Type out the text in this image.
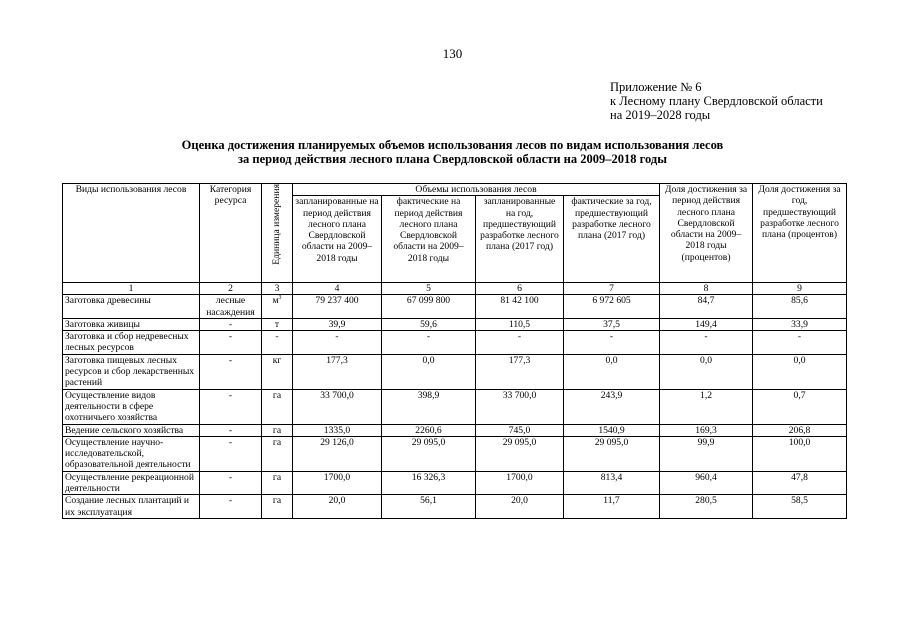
130
Приложение № 6
к Лесному плану Свердловской области
на 2019–2028 годы
Оценка достижения планируемых объемов использования лесов по видам использования лесов
за период действия лесного плана Свердловской области на 2009–2018 годы
Виды использования лесов	Категория ресурса	Единица измерения	Объемы использования лесов				Доля достижения за период действия лесного плана Свердловской области на 2009–2018 годы (процентов)	Доля достижения за год, предшествующий разработке лесного плана (процентов)
			запланированные на период действия лесного плана Свердловской области на 2009–2018 годы	фактические на период действия лесного плана Свердловской области на 2009–2018 годы	запланированные на год, предшествующий разработке лесного плана (2017 год)	фактические за год, предшествующий разработке лесного плана (2017 год)		
1	2	3	4	5	6	7	8	9
Заготовка древесины	лесные насаждения	$м^3$	79 237 400	67 099 800	81 42 100	6 972 605	84,7	85,6
Заготовка живицы	-	т	39,9	59,6	110,5	37,5	149,4	33,9
Заготовка и сбор недревесных лесных ресурсов	-	-	-	-	-	-	-	-
Заготовка пищевых лесных ресурсов и сбор лекарственных растений	-	кг	177,3	0,0	177,3	0,0	0,0	0,0
Осуществление видов деятельности в сфере охотничьего хозяйства	-	га	33 700,0	398,9	33 700,0	243,9	1,2	0,7
Ведение сельского хозяйства	-	га	1335,0	2260,6	745,0	1540,9	169,3	206,8
Осуществление научно-исследовательской, образовательной деятельности	-	га	29 126,0	29 095,0	29 095,0	29 095,0	99,9	100,0
Осуществление рекреационной деятельности	-	га	1700,0	16 326,3	1700,0	813,4	960,4	47,8
Создание лесных плантаций и их эксплуатация	-	га	20,0	56,1	20,0	11,7	280,5	58,5
